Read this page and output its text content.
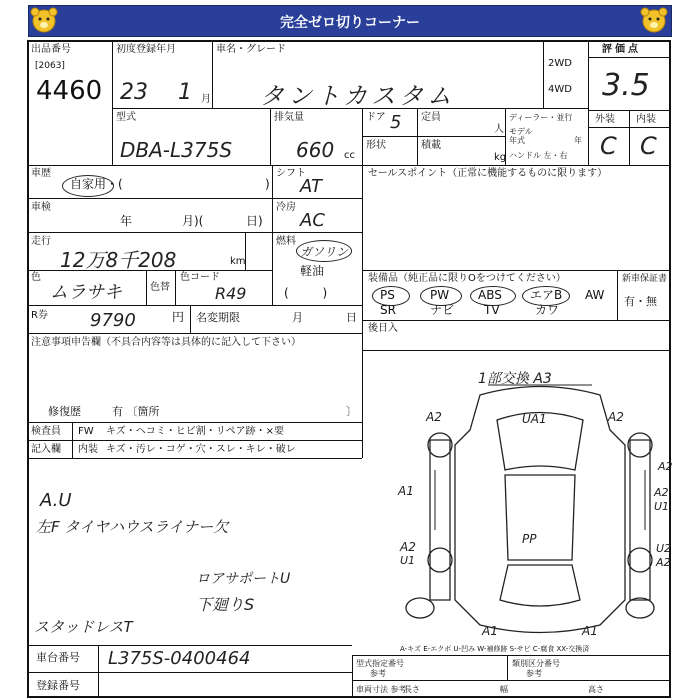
完全ゼロ切りコーナー
出品番号
[2063]
4460
初度登録年月
23 1 月
車名・グレード
タントカスタム
2WD
4WD
評価点
3.5
外装 内装
C C
型式
DBA-L375S
排気量
660 cc
ドア 5 定員
人
形状	積載
kg
ディーラー・並行
モデル
年式	年
ハンドル 左・右
車歴
自家用・(	)
シフト
AT
セールスポイント（正常に機能するものに限ります）
車検
年	月)(	日)
冷房
AC
走行
12万8千208	km
燃料
ガソリン
軽油
( )
色
ムラサキ	色替
色コード
R49
R券 9790	円 名変期限	月	日
装備品（純正品に限りOをつけてください）	新車保証書
有・無
PS	PW ABS エアB AW
SR	ナビ TV	カワ
後日入
注意事項申告欄（不具合内容等は具体的に記入して下さい）
修復歴	有 〔箇所	〕
検査員 FW キズ・ヘコミ・ヒビ割・リペア跡・×要
記入欄 内装 キズ・汚レ・コゲ・穴・スレ・キレ・破レ
A.U
左F タイヤハウスライナー欠
ロアサポートU
下廻りS
スタッドレスT
1部交換 A3
A2	UA1	A2
A2
A1	A2
U1
A2
U1
U2
A2
PP
A1	A1
A-キズ E-エクボ U-凹み W-補修跡 S-サビ C-腐食 XX-交換済
車台番号 L375S-0400464
登録番号
型式指定番号
参考
類別区分番号
参考
車両寸法 参考
長さ	幅	高さ
